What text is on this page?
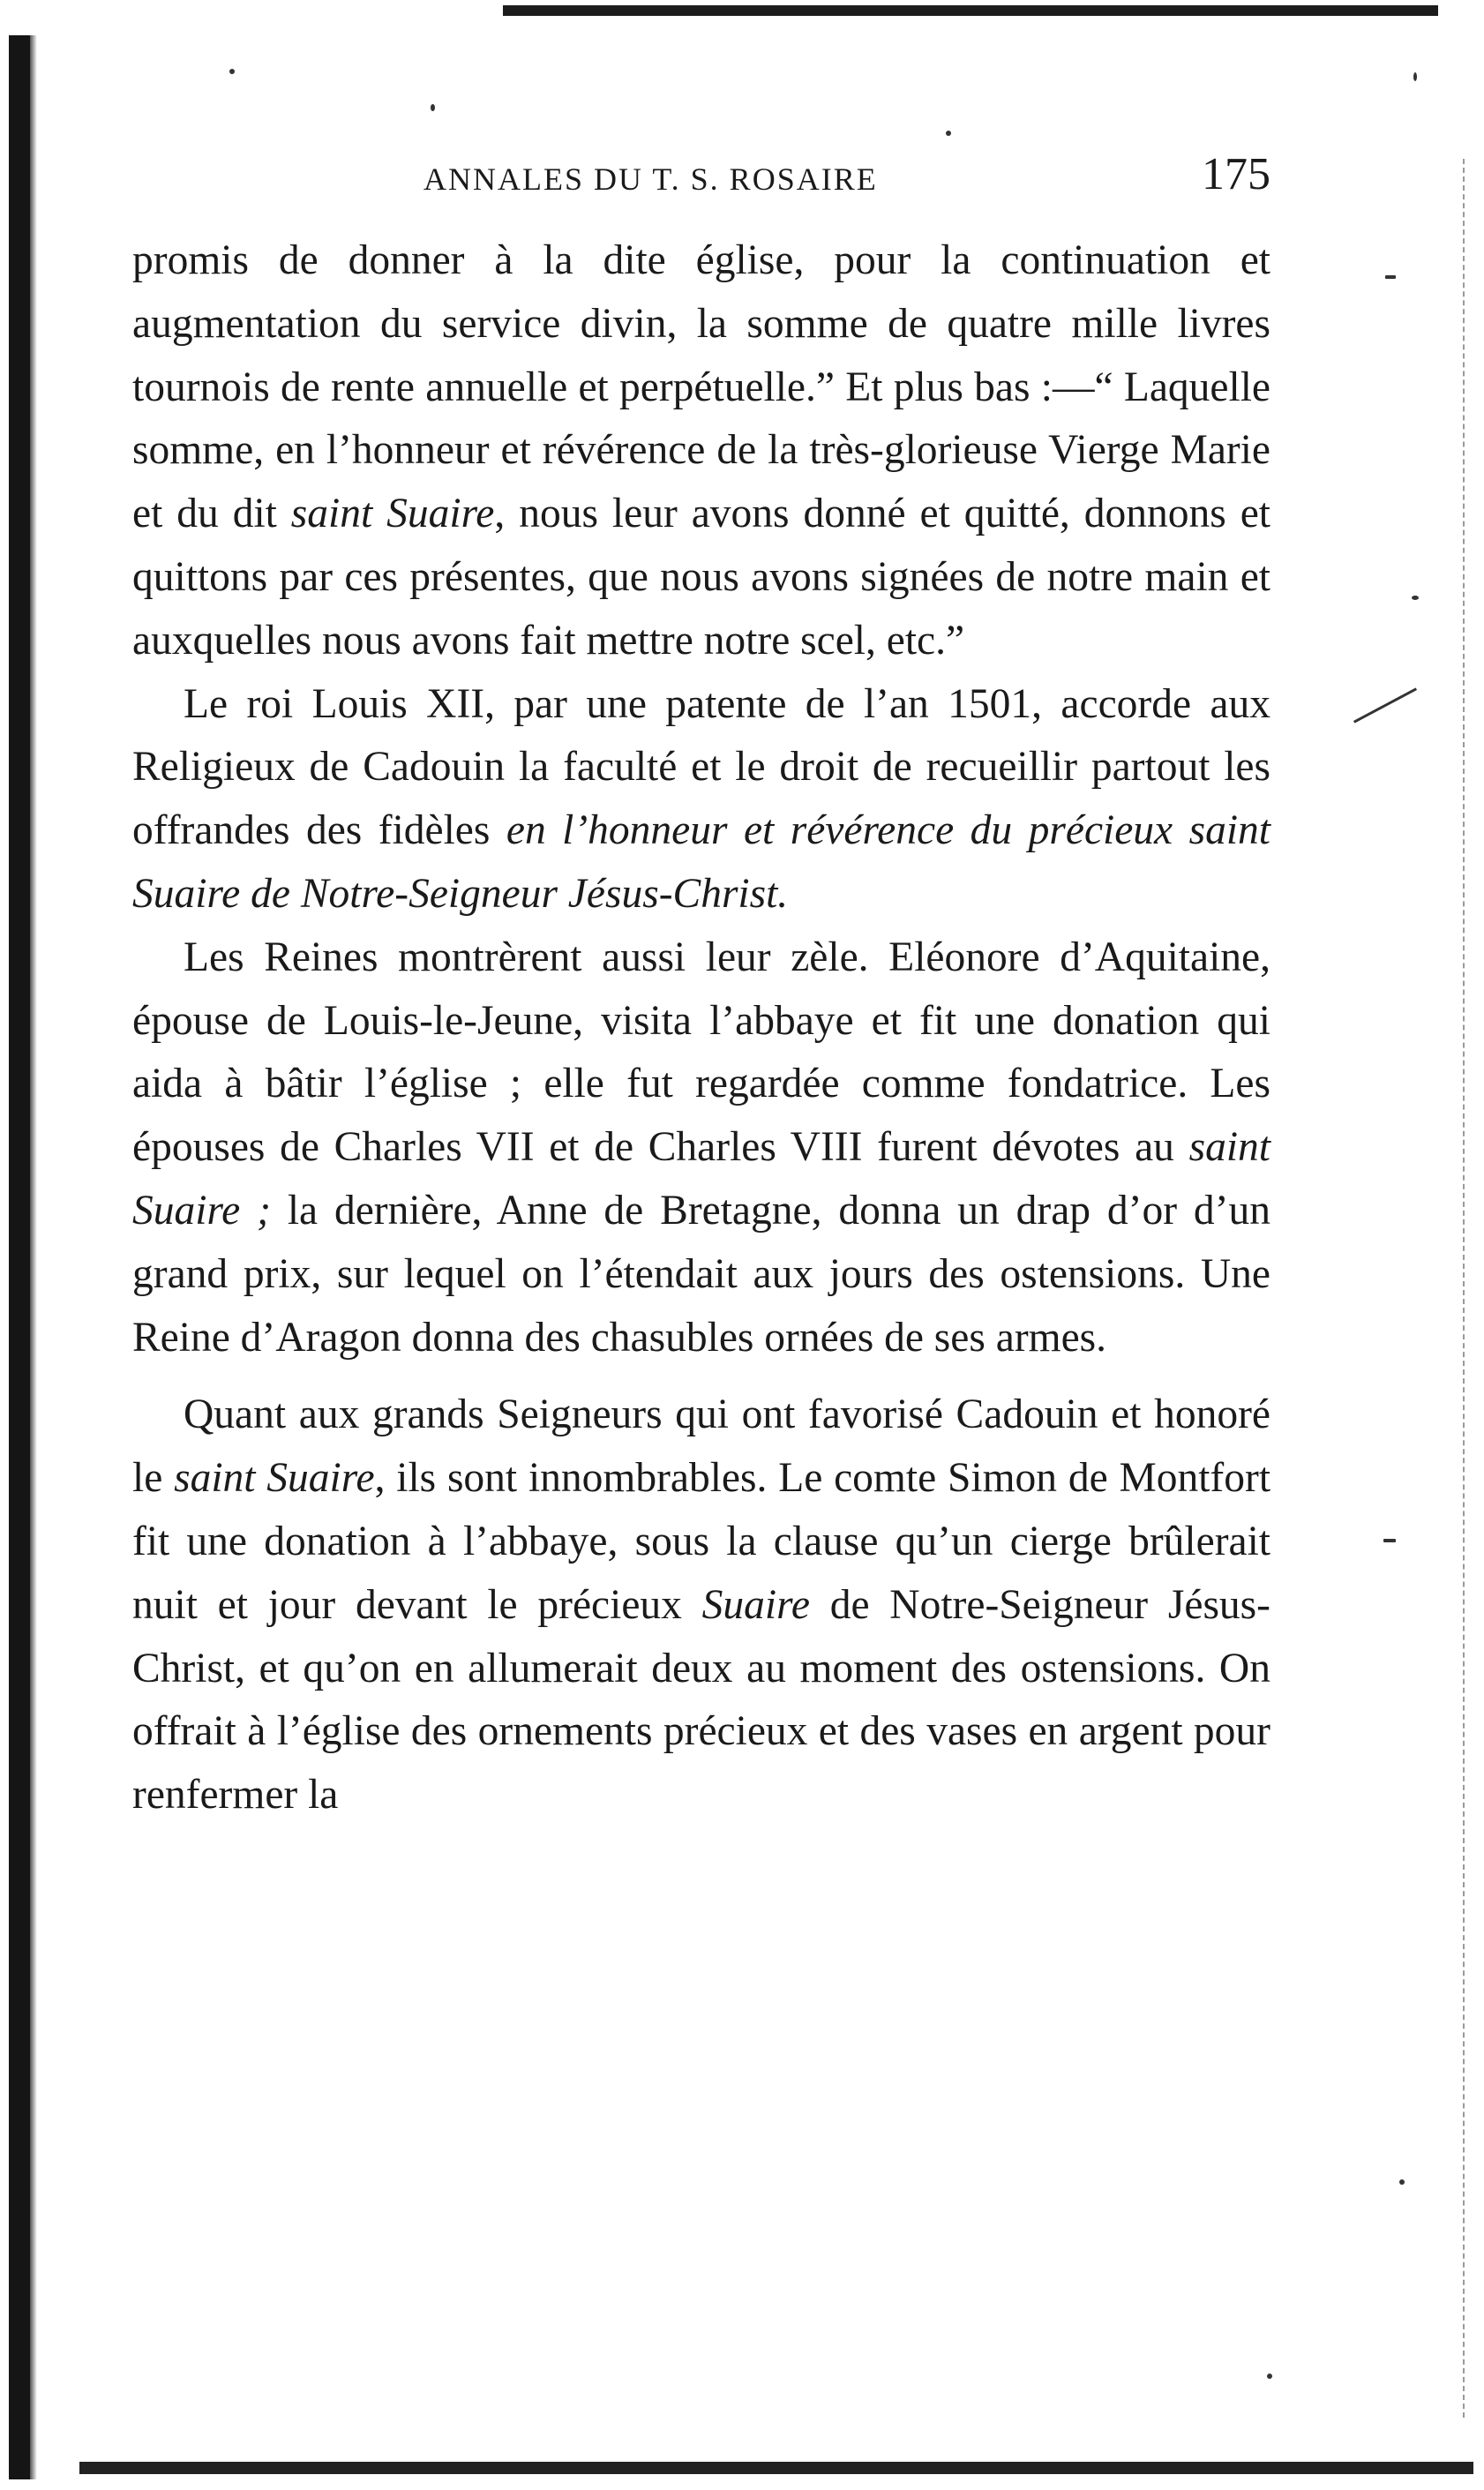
ANNALES DU T. S. ROSAIRE	175

promis de donner à la dite église, pour la continuation et augmentation du service divin, la somme de quatre mille livres tournois de rente annuelle et perpétuelle.” Et plus bas :—“ Laquelle somme, en l’honneur et révérence de la très-glorieuse Vierge Marie et du dit saint Suaire, nous leur avons donné et quitté, donnons et quittons par ces présentes, que nous avons signées de notre main et auxquelles nous avons fait mettre notre scel, etc.”

Le roi Louis XII, par une patente de l’an 1501, accorde aux Religieux de Cadouin la faculté et le droit de recueillir partout les offrandes des fidèles en l’honneur et révérence du précieux saint Suaire de Notre-Seigneur Jésus-Christ.

Les Reines montrèrent aussi leur zèle. Eléonore d’Aquitaine, épouse de Louis-le-Jeune, visita l’abbaye et fit une donation qui aida à bâtir l’église ; elle fut regardée comme fondatrice. Les épouses de Charles VII et de Charles VIII furent dévotes au saint Suaire ; la dernière, Anne de Bretagne, donna un drap d’or d’un grand prix, sur lequel on l’étendait aux jours des ostensions. Une Reine d’Aragon donna des chasubles ornées de ses armes.

Quant aux grands Seigneurs qui ont favorisé Cadouin et honoré le saint Suaire, ils sont innombrables. Le comte Simon de Montfort fit une donation à l’abbaye, sous la clause qu’un cierge brûlerait nuit et jour devant le précieux Suaire de Notre-Seigneur Jésus-Christ, et qu’on en allumerait deux au moment des ostensions. On offrait à l’église des ornements précieux et des vases en argent pour renfermer la
